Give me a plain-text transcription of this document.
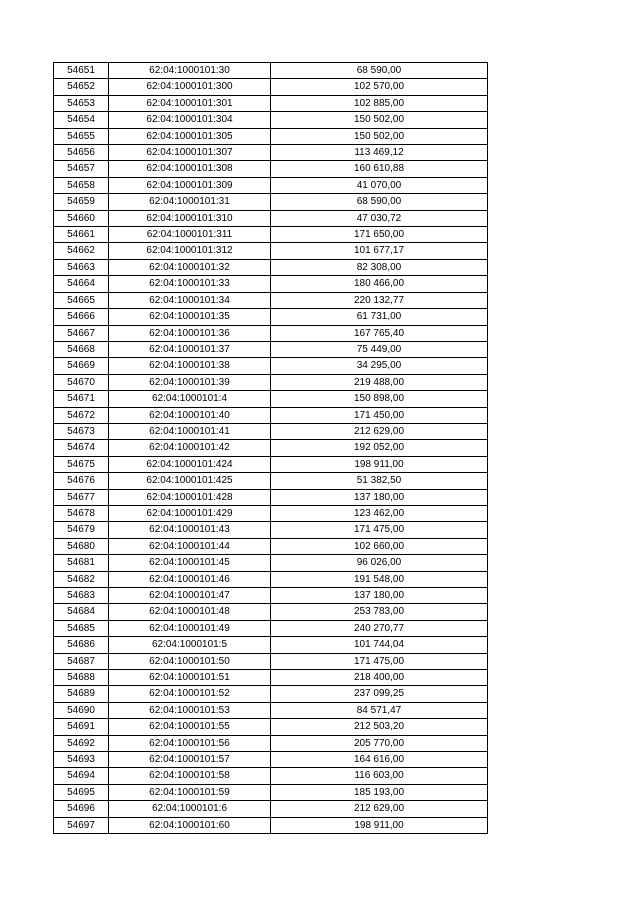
54651	62:04:1000101:30	68 590,00
54652	62:04:1000101:300	102 570,00
54653	62:04:1000101:301	102 885,00
54654	62:04:1000101:304	150 502,00
54655	62:04:1000101:305	150 502,00
54656	62:04:1000101:307	113 469,12
54657	62:04:1000101:308	160 610,88
54658	62:04:1000101:309	41 070,00
54659	62:04:1000101:31	68 590,00
54660	62:04:1000101:310	47 030,72
54661	62:04:1000101:311	171 650,00
54662	62:04:1000101:312	101 677,17
54663	62:04:1000101:32	82 308,00
54664	62:04:1000101:33	180 466,00
54665	62:04:1000101:34	220 132,77
54666	62:04:1000101:35	61 731,00
54667	62:04:1000101:36	167 765,40
54668	62:04:1000101:37	75 449,00
54669	62:04:1000101:38	34 295,00
54670	62:04:1000101:39	219 488,00
54671	62:04:1000101:4	150 898,00
54672	62:04:1000101:40	171 450,00
54673	62:04:1000101:41	212 629,00
54674	62:04:1000101:42	192 052,00
54675	62:04:1000101:424	198 911,00
54676	62:04:1000101:425	51 382,50
54677	62:04:1000101:428	137 180,00
54678	62:04:1000101:429	123 462,00
54679	62:04:1000101:43	171 475,00
54680	62:04:1000101:44	102 660,00
54681	62:04:1000101:45	96 026,00
54682	62:04:1000101:46	191 548,00
54683	62:04:1000101:47	137 180,00
54684	62:04:1000101:48	253 783,00
54685	62:04:1000101:49	240 270,77
54686	62:04:1000101:5	101 744,04
54687	62:04:1000101:50	171 475,00
54688	62:04:1000101:51	218 400,00
54689	62:04:1000101:52	237 099,25
54690	62:04:1000101:53	84 571,47
54691	62:04:1000101:55	212 503,20
54692	62:04:1000101:56	205 770,00
54693	62:04:1000101:57	164 616,00
54694	62:04:1000101:58	116 603,00
54695	62:04:1000101:59	185 193,00
54696	62:04:1000101:6	212 629,00
54697	62:04:1000101:60	198 911,00
